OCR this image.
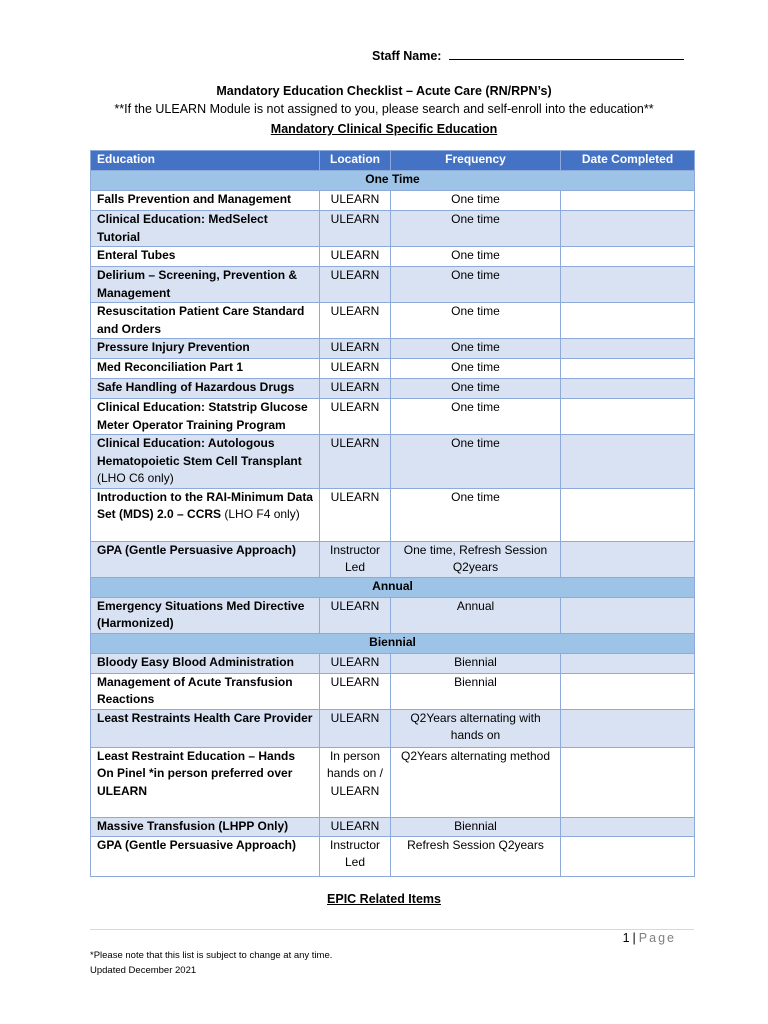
Staff Name:
Mandatory Education Checklist – Acute Care (RN/RPN’s)
**If the ULEARN Module is not assigned to you, please search and self-enroll into the education**
Mandatory Clinical Specific Education
Education	Location	Frequency	Date Completed
One Time			
Falls Prevention and Management	ULEARN	One time	
Clinical Education: MedSelect Tutorial	ULEARN	One time	
Enteral Tubes	ULEARN	One time	
Delirium – Screening, Prevention & Management	ULEARN	One time	
Resuscitation Patient Care Standard and Orders	ULEARN	One time	
Pressure Injury Prevention	ULEARN	One time	
Med Reconciliation Part 1	ULEARN	One time	
Safe Handling of Hazardous Drugs	ULEARN	One time	
Clinical Education: Statstrip Glucose Meter Operator Training Program	ULEARN	One time	
Clinical Education: Autologous Hematopoietic Stem Cell Transplant (LHO C6 only)	ULEARN	One time	
Introduction to the RAI-Minimum Data Set (MDS) 2.0 – CCRS (LHO F4 only)	ULEARN	One time	
GPA (Gentle Persuasive Approach)	Instructor Led	One time, Refresh Session Q2years	
Annual			
Emergency Situations Med Directive (Harmonized)	ULEARN	Annual	
Biennial			
Bloody Easy Blood Administration	ULEARN	Biennial	
Management of Acute Transfusion Reactions	ULEARN	Biennial	
Least Restraints Health Care Provider	ULEARN	Q2Years alternating with hands on	
Least Restraint Education – Hands On Pinel *in person preferred over ULEARN	In person hands on / ULEARN	Q2Years alternating method	
Massive Transfusion (LHPP Only)	ULEARN	Biennial	
GPA (Gentle Persuasive Approach)	Instructor Led	Refresh Session Q2years	
EPIC Related Items
1 | Page
*Please note that this list is subject to change at any time.
Updated December 2021
